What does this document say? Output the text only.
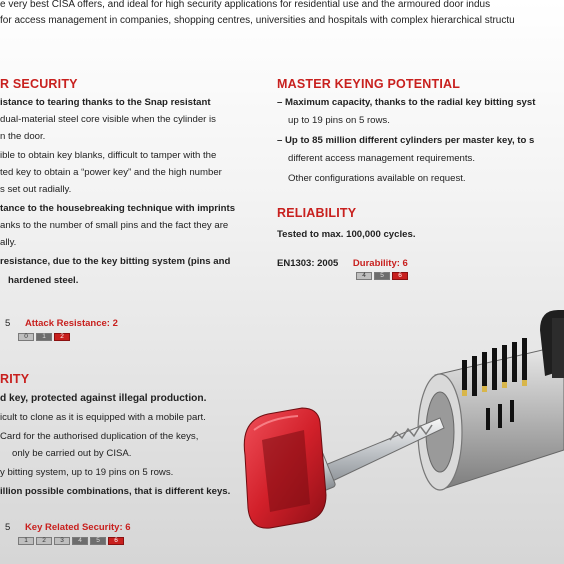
e very best CISA offers, and ideal for high security applications for residential use and the armoured door indus
for access management in companies, shopping centres, universities and hospitals with complex hierarchical structu
R SECURITY
istance to tearing thanks to the Snap resistant
dual-material steel core visible when the cylinder is
n the door.
ible to obtain key blanks, difficult to tamper with the
ted key to obtain a “power key” and the high number
s set out radially.
tance to the housebreaking technique with imprints
anks to the number of small pins and the fact they are
ally.
resistance, due to the key bitting system (pins and
hardened steel.
5 Attack Resistance: 2
0	1	2
RITY
d key, protected against illegal production.
icult to clone as it is equipped with a mobile part.
Card for the authorised duplication of the keys,
only be carried out by CISA.
y bitting system, up to 19 pins on 5 rows.
illion possible combinations, that is different keys.
5 Key Related Security: 6
1	2	3	4	5	6
MASTER KEYING POTENTIAL
– Maximum capacity, thanks to the radial key bitting syst
up to 19 pins on 5 rows.
– Up to 85 million different cylinders per master key, to s
different access management requirements.
Other configurations available on request.
RELIABILITY
Tested to max. 100,000 cycles.
EN1303: 2005 Durability: 6
4	5	6
